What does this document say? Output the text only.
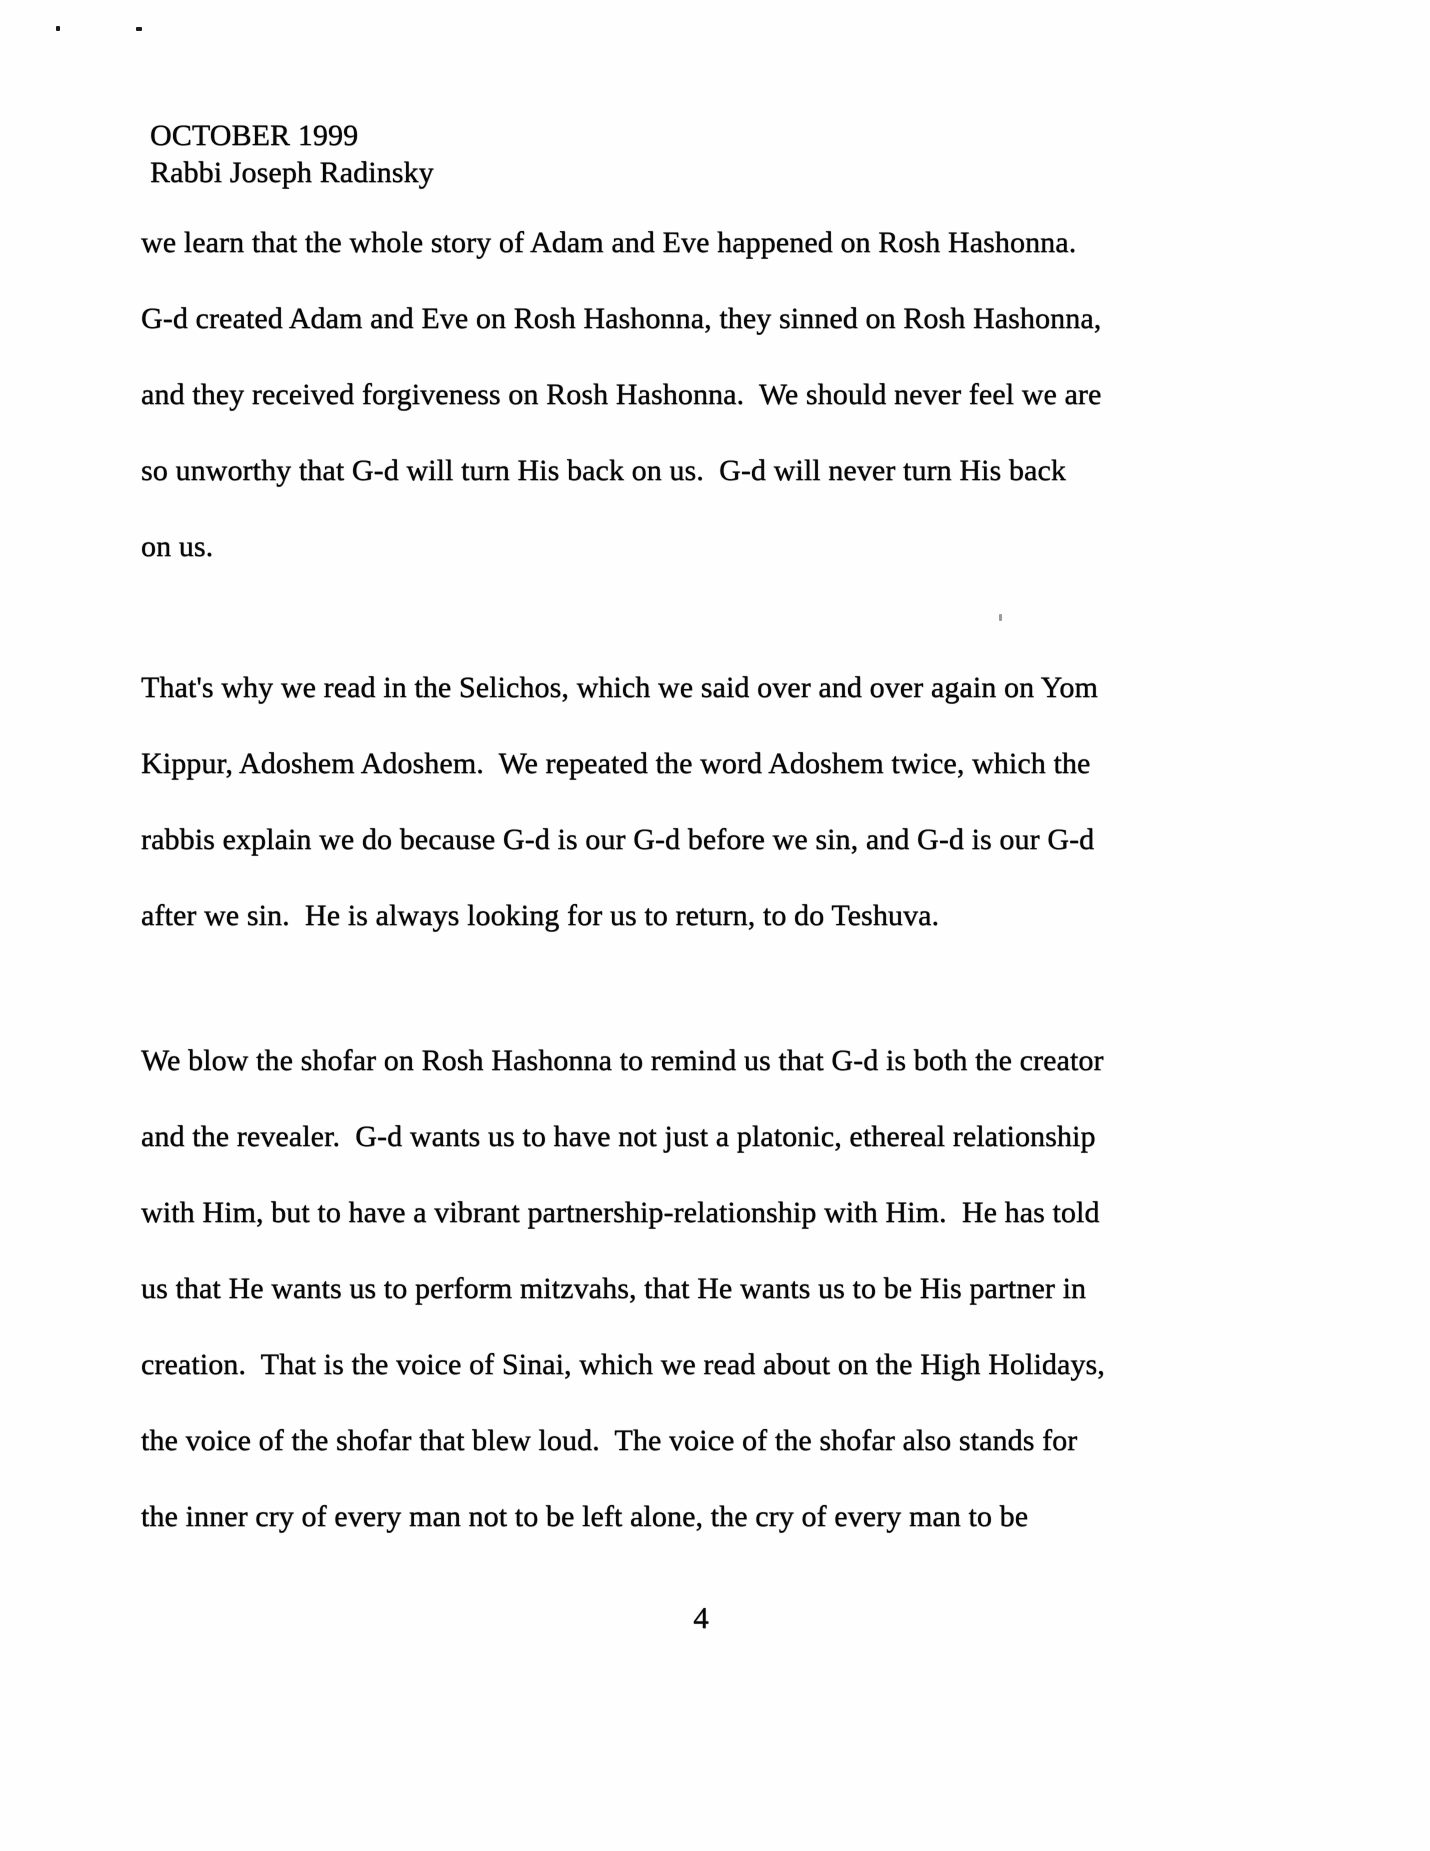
OCTOBER 1999
Rabbi Joseph Radinsky
we learn that the whole story of Adam and Eve happened on Rosh Hashonna.
G-d created Adam and Eve on Rosh Hashonna, they sinned on Rosh Hashonna,
and they received forgiveness on Rosh Hashonna.  We should never feel we are
so unworthy that G-d will turn His back on us.  G-d will never turn His back
on us.
That's why we read in the Selichos, which we said over and over again on Yom
Kippur, Adoshem Adoshem.  We repeated the word Adoshem twice, which the
rabbis explain we do because G-d is our G-d before we sin, and G-d is our G-d
after we sin.  He is always looking for us to return, to do Teshuva.
We blow the shofar on Rosh Hashonna to remind us that G-d is both the creator
and the revealer.  G-d wants us to have not just a platonic, ethereal relationship
with Him, but to have a vibrant partnership-relationship with Him.  He has told
us that He wants us to perform mitzvahs, that He wants us to be His partner in
creation.  That is the voice of Sinai, which we read about on the High Holidays,
the voice of the shofar that blew loud.  The voice of the shofar also stands for
the inner cry of every man not to be left alone, the cry of every man to be
4
